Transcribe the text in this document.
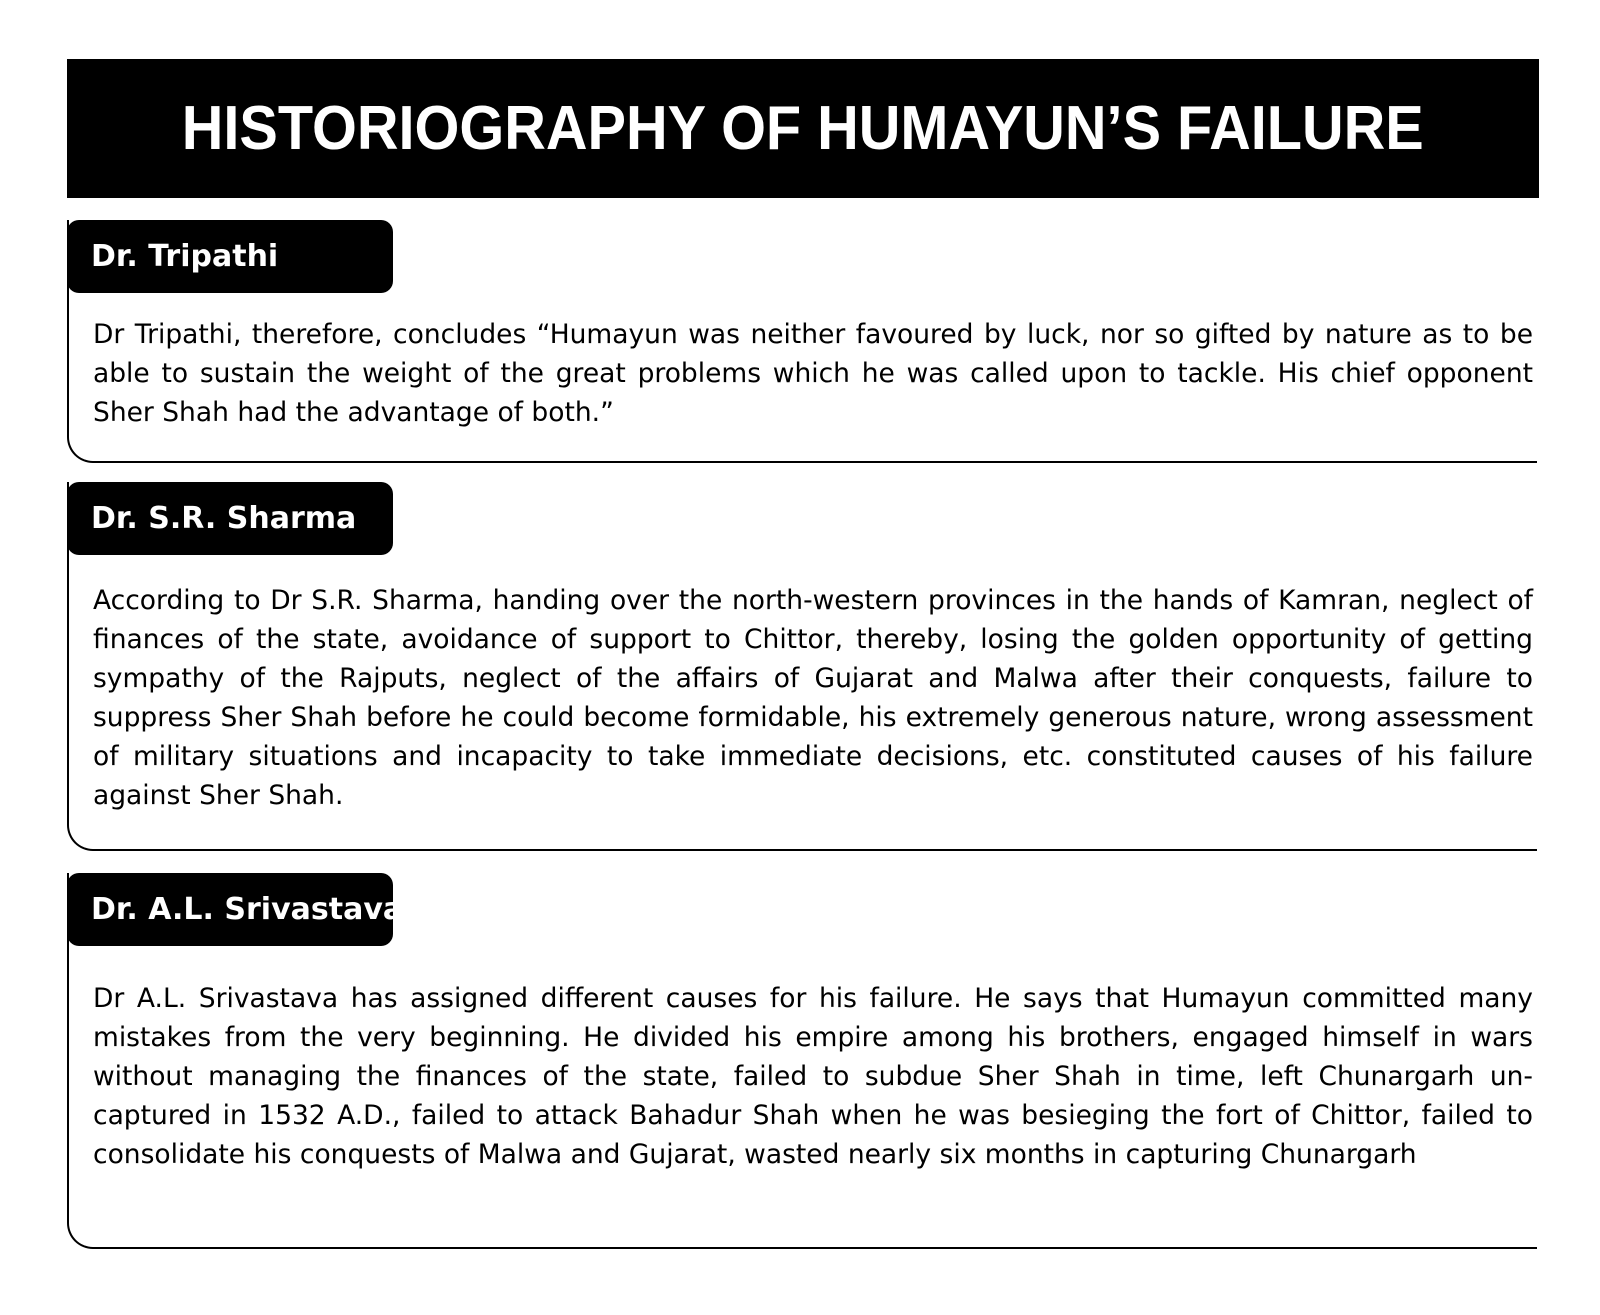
HISTORIOGRAPHY OF HUMAYUN’S FAILURE
Dr. Tripathi

Dr Tripathi, therefore, concludes “Humayun was neither favoured by luck, nor so gifted by nature as to be able to sustain the weight of the great problems which he was called upon to tackle. His chief opponent Sher Shah had the advantage of both.”

Dr. S.R. Sharma

According to Dr S.R. Sharma, handing over the north-western provinces in the hands of Kamran, neglect of finances of the state, avoidance of support to Chittor, thereby, losing the golden opportunity of getting sympathy of the Rajputs, neglect of the affairs of Gujarat and Malwa after their conquests, failure to suppress Sher Shah before he could become formidable, his extremely generous nature, wrong assessment of military situations and incapacity to take immediate decisions, etc. constituted causes of his failure against Sher Shah.

Dr. A.L. Srivastava

Dr A.L. Srivastava has assigned different causes for his failure. He says that Humayun committed many mistakes from the very beginning. He divided his empire among his brothers, engaged himself in wars without managing the finances of the state, failed to subdue Sher Shah in time, left Chunargarh un-captured in 1532 A.D., failed to attack Bahadur Shah when he was besieging the fort of Chittor, failed to consolidate his conquests of Malwa and Gujarat, wasted nearly six months in capturing Chunargarh
